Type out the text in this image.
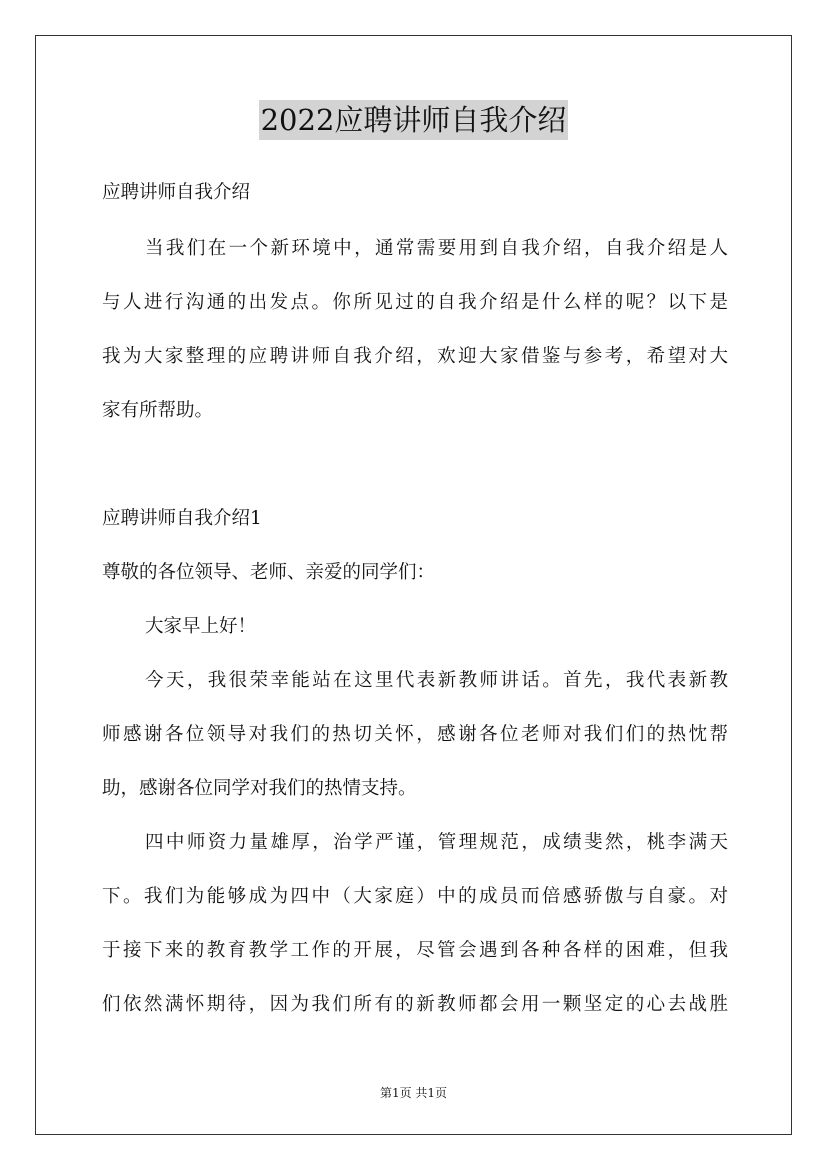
2022应聘讲师自我介绍
应聘讲师自我介绍
当我们在一个新环境中，通常需要用到自我介绍，自我介绍是人
与人进行沟通的出发点。你所见过的自我介绍是什么样的呢？以下是
我为大家整理的应聘讲师自我介绍，欢迎大家借鉴与参考，希望对大
家有所帮助。
应聘讲师自我介绍1
尊敬的各位领导、老师、亲爱的同学们：
大家早上好！
今天，我很荣幸能站在这里代表新教师讲话。首先，我代表新教
师感谢各位领导对我们的热切关怀，感谢各位老师对我们们的热忱帮
助，感谢各位同学对我们的热情支持。
四中师资力量雄厚，治学严谨，管理规范，成绩斐然，桃李满天
下。我们为能够成为四中（大家庭）中的成员而倍感骄傲与自豪。对
于接下来的教育教学工作的开展，尽管会遇到各种各样的困难，但我
们依然满怀期待，因为我们所有的新教师都会用一颗坚定的心去战胜
第1页 共1页
